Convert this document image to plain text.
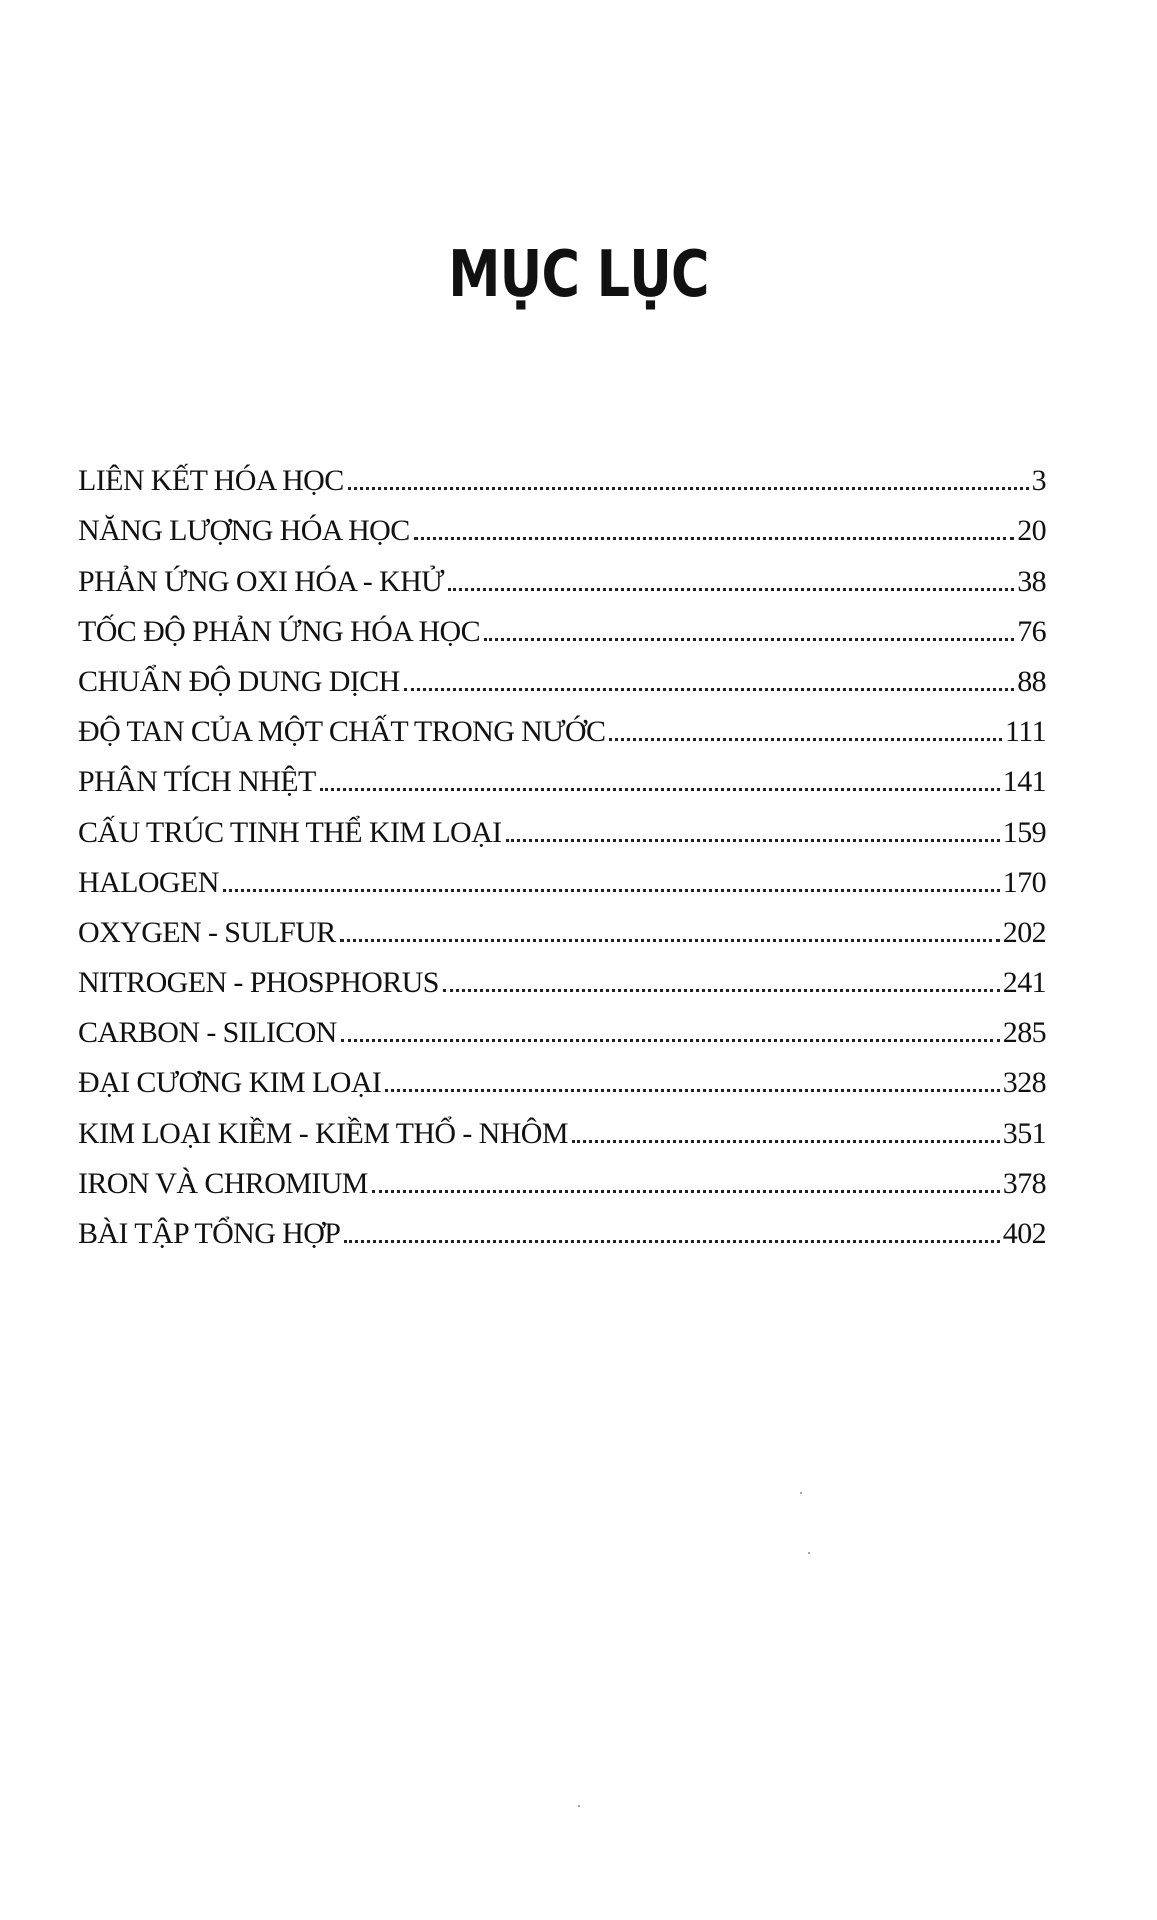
MỤC LỤC
LIÊN KẾT HÓA HỌC	3
NĂNG LƯỢNG HÓA HỌC	20
PHẢN ỨNG OXI HÓA - KHỬ	38
TỐC ĐỘ PHẢN ỨNG HÓA HỌC	76
CHUẨN ĐỘ DUNG DỊCH	88
ĐỘ TAN CỦA MỘT CHẤT TRONG NƯỚC	111
PHÂN TÍCH NHỆT	141
CẤU TRÚC TINH THỂ KIM LOẠI	159
HALOGEN	170
OXYGEN - SULFUR	202
NITROGEN - PHOSPHORUS	241
CARBON - SILICON	285
ĐẠI CƯƠNG KIM LOẠI	328
KIM LOẠI KIỀM - KIỀM THỔ - NHÔM	351
IRON VÀ CHROMIUM	378
BÀI TẬP TỔNG HỢP	402
